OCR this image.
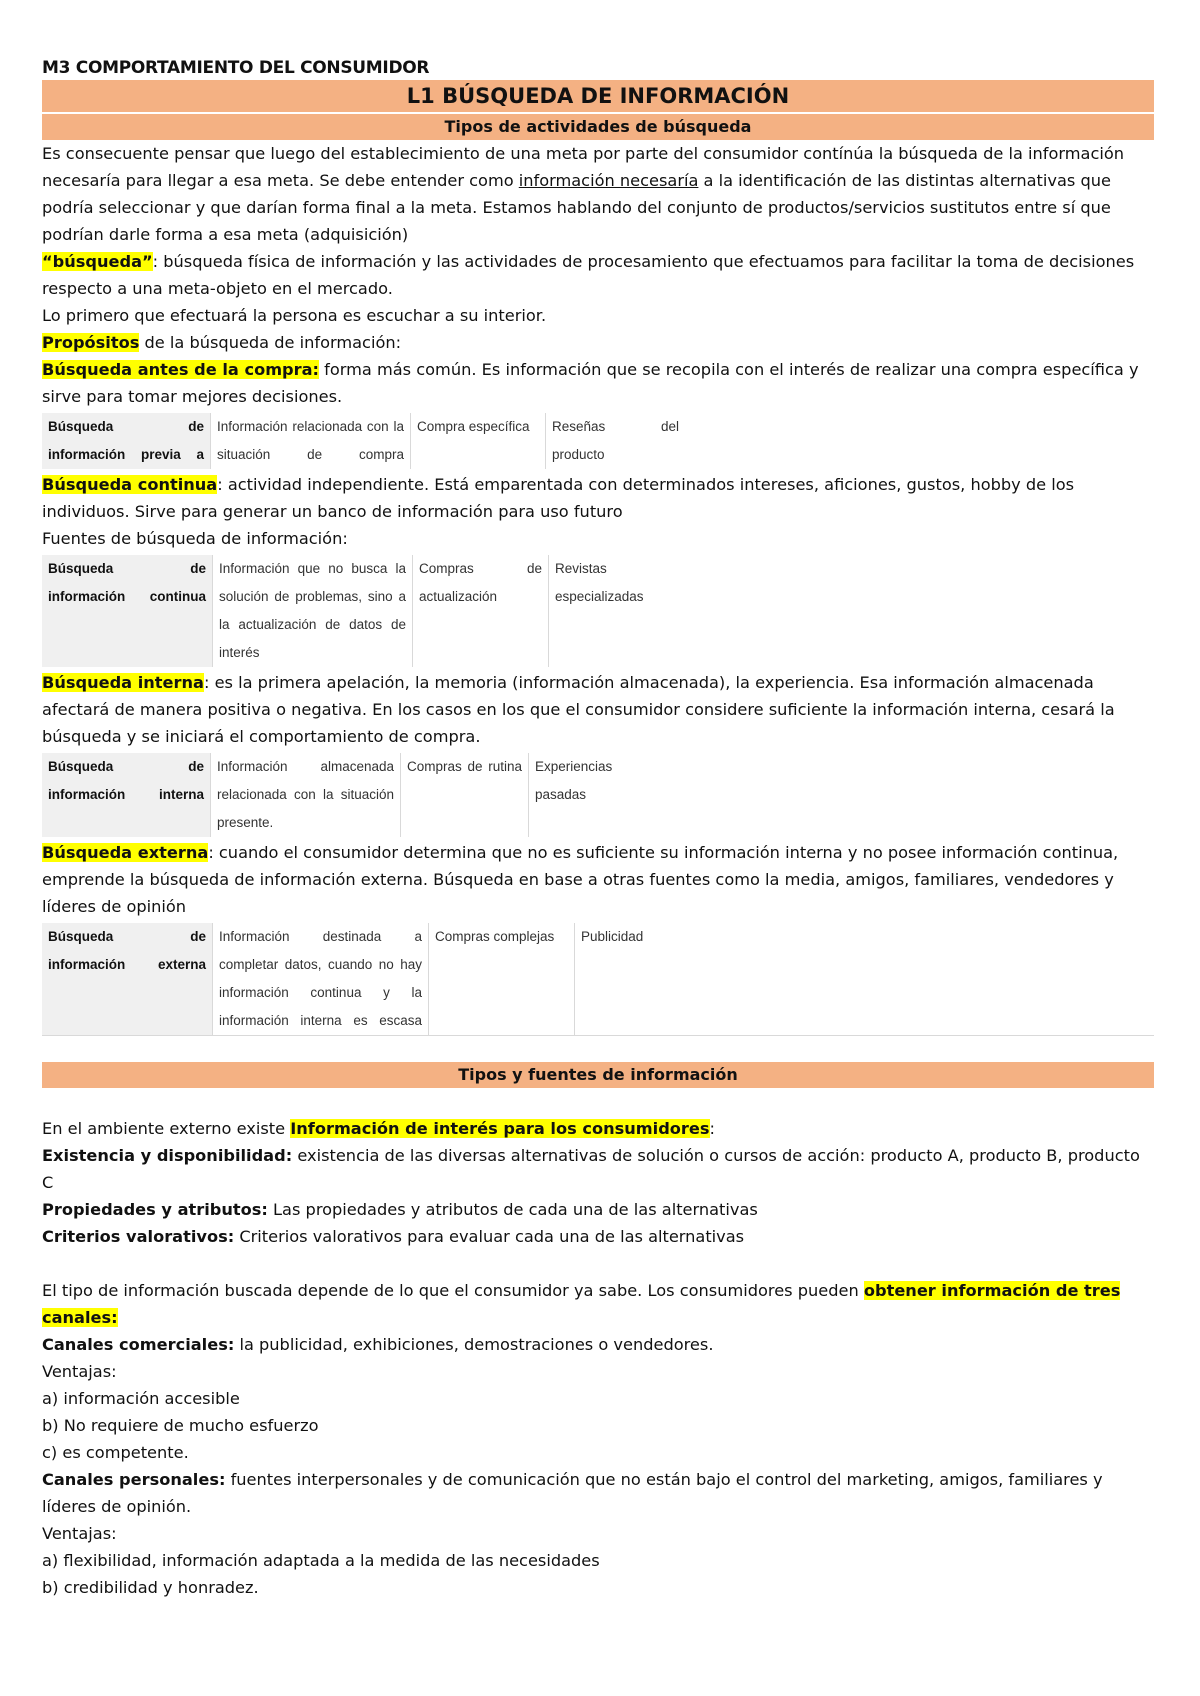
M3 COMPORTAMIENTO DEL CONSUMIDOR
L1 BÚSQUEDA DE INFORMACIÓN
Tipos de actividades de búsqueda

Es consecuente pensar que luego del establecimiento de una meta por parte del consumidor contínúa la búsqueda de la información necesaría para llegar a esa meta. Se debe entender como información necesaría a la identificación de las distintas alternativas que podría seleccionar y que darían forma final a la meta. Estamos hablando del conjunto de productos/servicios sustitutos entre sí que podrían darle forma a esa meta (adquisición)

“búsqueda”: búsqueda física de información y las actividades de procesamiento que efectuamos para facilitar la toma de decisiones respecto a una meta-objeto en el mercado.

Lo primero que efectuará la persona es escuchar a su interior.

Propósitos de la búsqueda de información:

Búsqueda antes de la compra: forma más común. Es información que se recopila con el interés de realizar una compra específica y sirve para tomar mejores decisiones.

Búsqueda de información previa a
Información relacionada con la situación de compra
Compra específica	Reseñas del producto

Búsqueda continua: actividad independiente. Está emparentada con determinados intereses, aficiones, gustos, hobby de los individuos. Sirve para generar un banco de información para uso futuro

Fuentes de búsqueda de información:

Búsqueda de información continua
Información que no busca la solución de problemas, sino a la actualización de datos de interés
Compras de actualización
Revistas especializadas

Búsqueda interna: es la primera apelación, la memoria (información almacenada), la experiencia. Esa información almacenada afectará de manera positiva o negativa. En los casos en los que el consumidor considere suficiente la información interna, cesará la búsqueda y se iniciará el comportamiento de compra.

Búsqueda de información interna
Información almacenada relacionada con la situación presente.
Compras de rutina Experiencias pasadas

Búsqueda externa: cuando el consumidor determina que no es suficiente su información interna y no posee información continua, emprende la búsqueda de información externa. Búsqueda en base a otras fuentes como la media, amigos, familiares, vendedores y líderes de opinión

Búsqueda de información externa
Información destinada a completar datos, cuando no hay información continua y la información interna es escasa
Compras complejas	Publicidad
Tipos y fuentes de información

En el ambiente externo existe Información de interés para los consumidores:

Existencia y disponibilidad: existencia de las diversas alternativas de solución o cursos de acción: producto A, producto B, producto C

Propiedades y atributos: Las propiedades y atributos de cada una de las alternativas

Criterios valorativos: Criterios valorativos para evaluar cada una de las alternativas

El tipo de información buscada depende de lo que el consumidor ya sabe. Los consumidores pueden obtener información de tres canales:

Canales comerciales: la publicidad, exhibiciones, demostraciones o vendedores.

Ventajas:

a) información accesible

b) No requiere de mucho esfuerzo

c) es competente.

Canales personales: fuentes interpersonales y de comunicación que no están bajo el control del marketing, amigos, familiares y líderes de opinión.

Ventajas:

a) flexibilidad, información adaptada a la medida de las necesidades

b) credibilidad y honradez.
